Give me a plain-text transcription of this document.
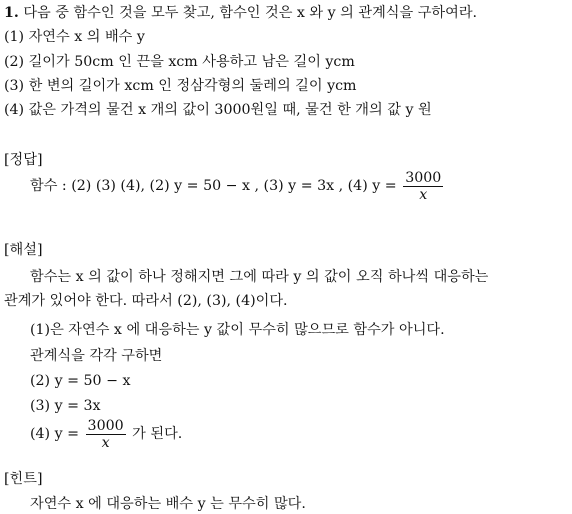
1. 다음 중 함수인 것을 모두 찾고, 함수인 것은 x 와 y 의 관계식을 구하여라.
(1) 자연수 x 의 배수 y
(2) 길이가 50cm 인 끈을 xcm 사용하고 남은 길이 ycm
(3) 한 변의 길이가 xcm 인 정삼각형의 둘레의 길이 ycm
(4) 값은 가격의 물건 x 개의 값이 3000원일 때, 물건 한 개의 값 y 원
[정답]
함수 : (2) (3) (4), (2) y = 50 − x , (3) y = 3x , (4) $y = \frac{3000}{x}$
[해설]
함수는 x 의 값이 하나 정해지면 그에 따라 y 의 값이 오직 하나씩 대응하는
관계가 있어야 한다. 따라서 (2), (3), (4)이다.
(1)은 자연수 x 에 대응하는 y 값이 무수히 많으므로 함수가 아니다.
관계식을 각각 구하면
(2) y = 50 − x
(3) y = 3x
(4) $y = \frac{3000}{x}$ 가 된다.
[힌트]
자연수 x 에 대응하는 배수 y 는 무수히 많다.
